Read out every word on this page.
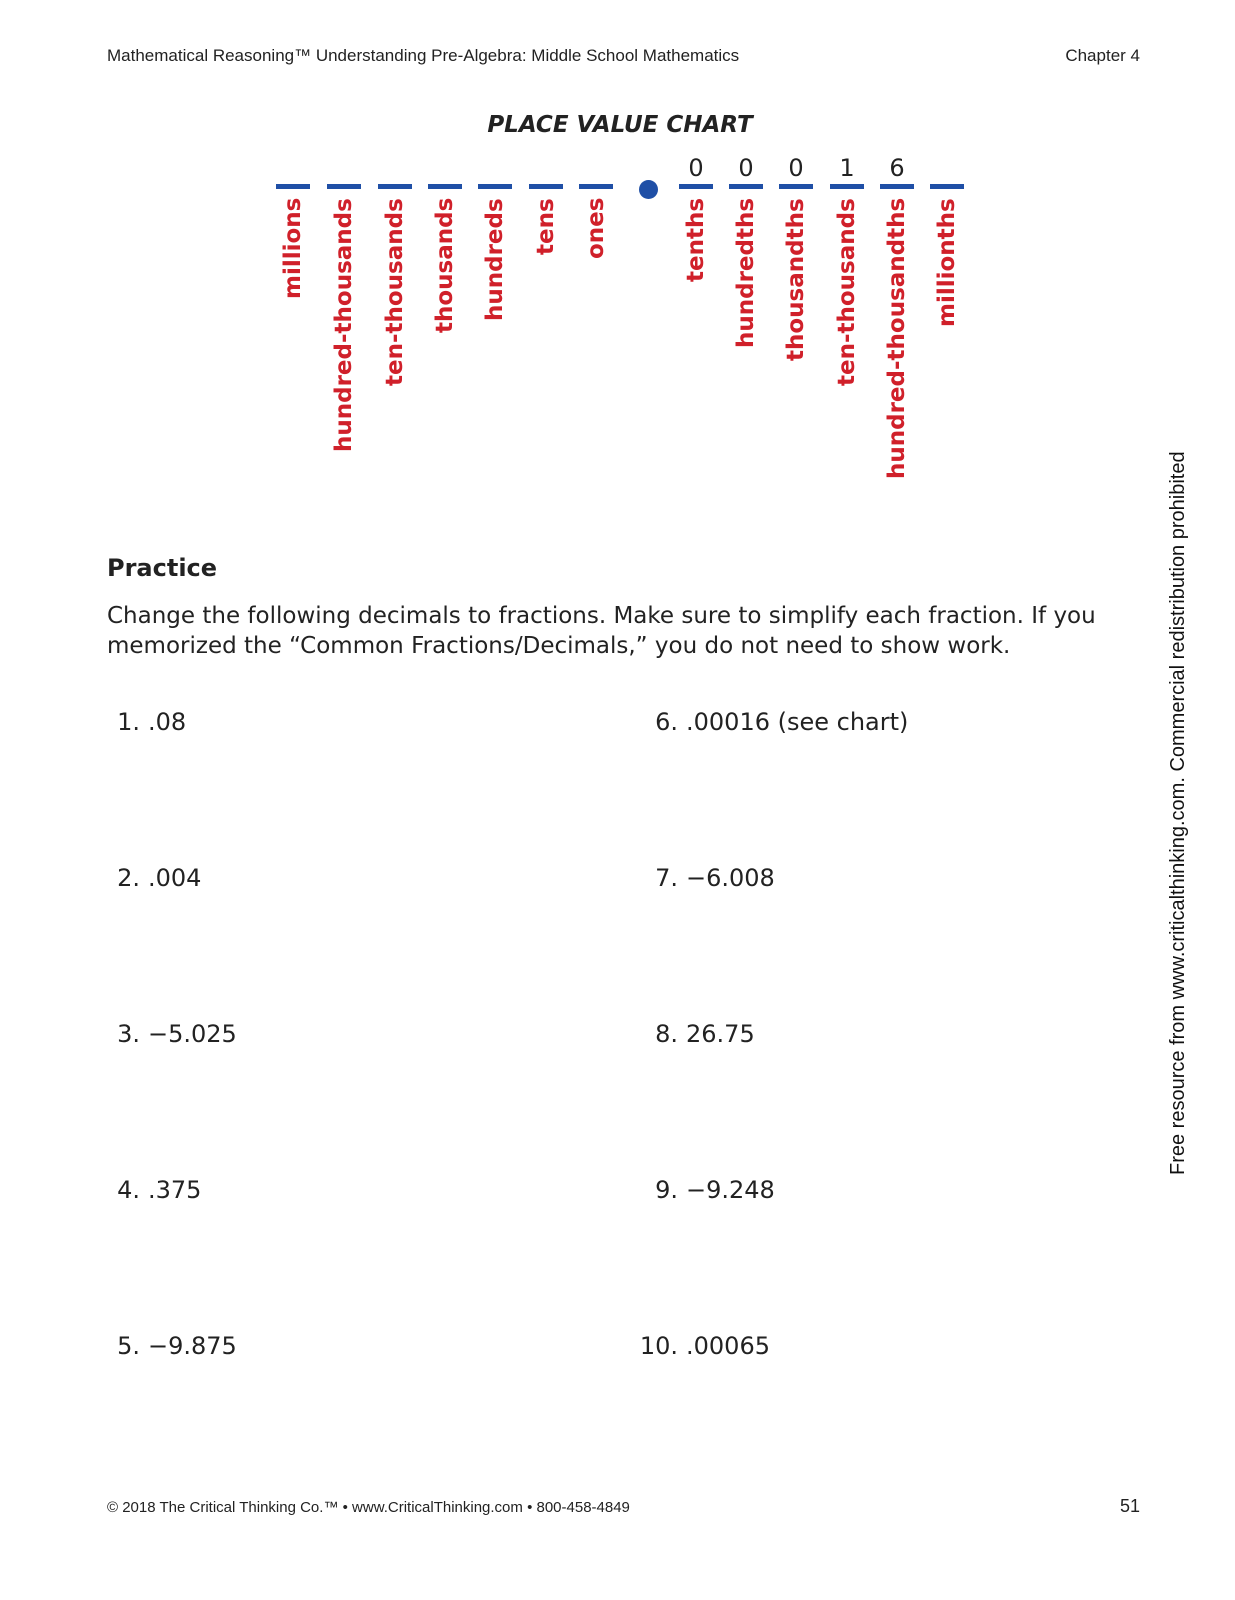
Mathematical Reasoning™ Understanding Pre-Algebra: Middle School Mathematics	Chapter 4
PLACE VALUE CHART
0	0	0	1	6
millions hundred-thousands ten-thousands thousands hundreds tens ones	tenths hundredths thousandths ten-thousands hundred-thousandths millionths
Practice
Change the following decimals to fractions. Make sure to simplify each fraction. If you memorized the “Common Fractions/Decimals,” you do not need to show work.
1. .08
2. .004
3. −5.025
4. .375
5. −9.875
6. .00016 (see chart)
7. −6.008
8. 26.75
9. −9.248
10. .00065
© 2018 The Critical Thinking Co.™ • www.CriticalThinking.com • 800-458-4849	51
Free resource from www.criticalthinking.com. Commercial redistribution prohibited
